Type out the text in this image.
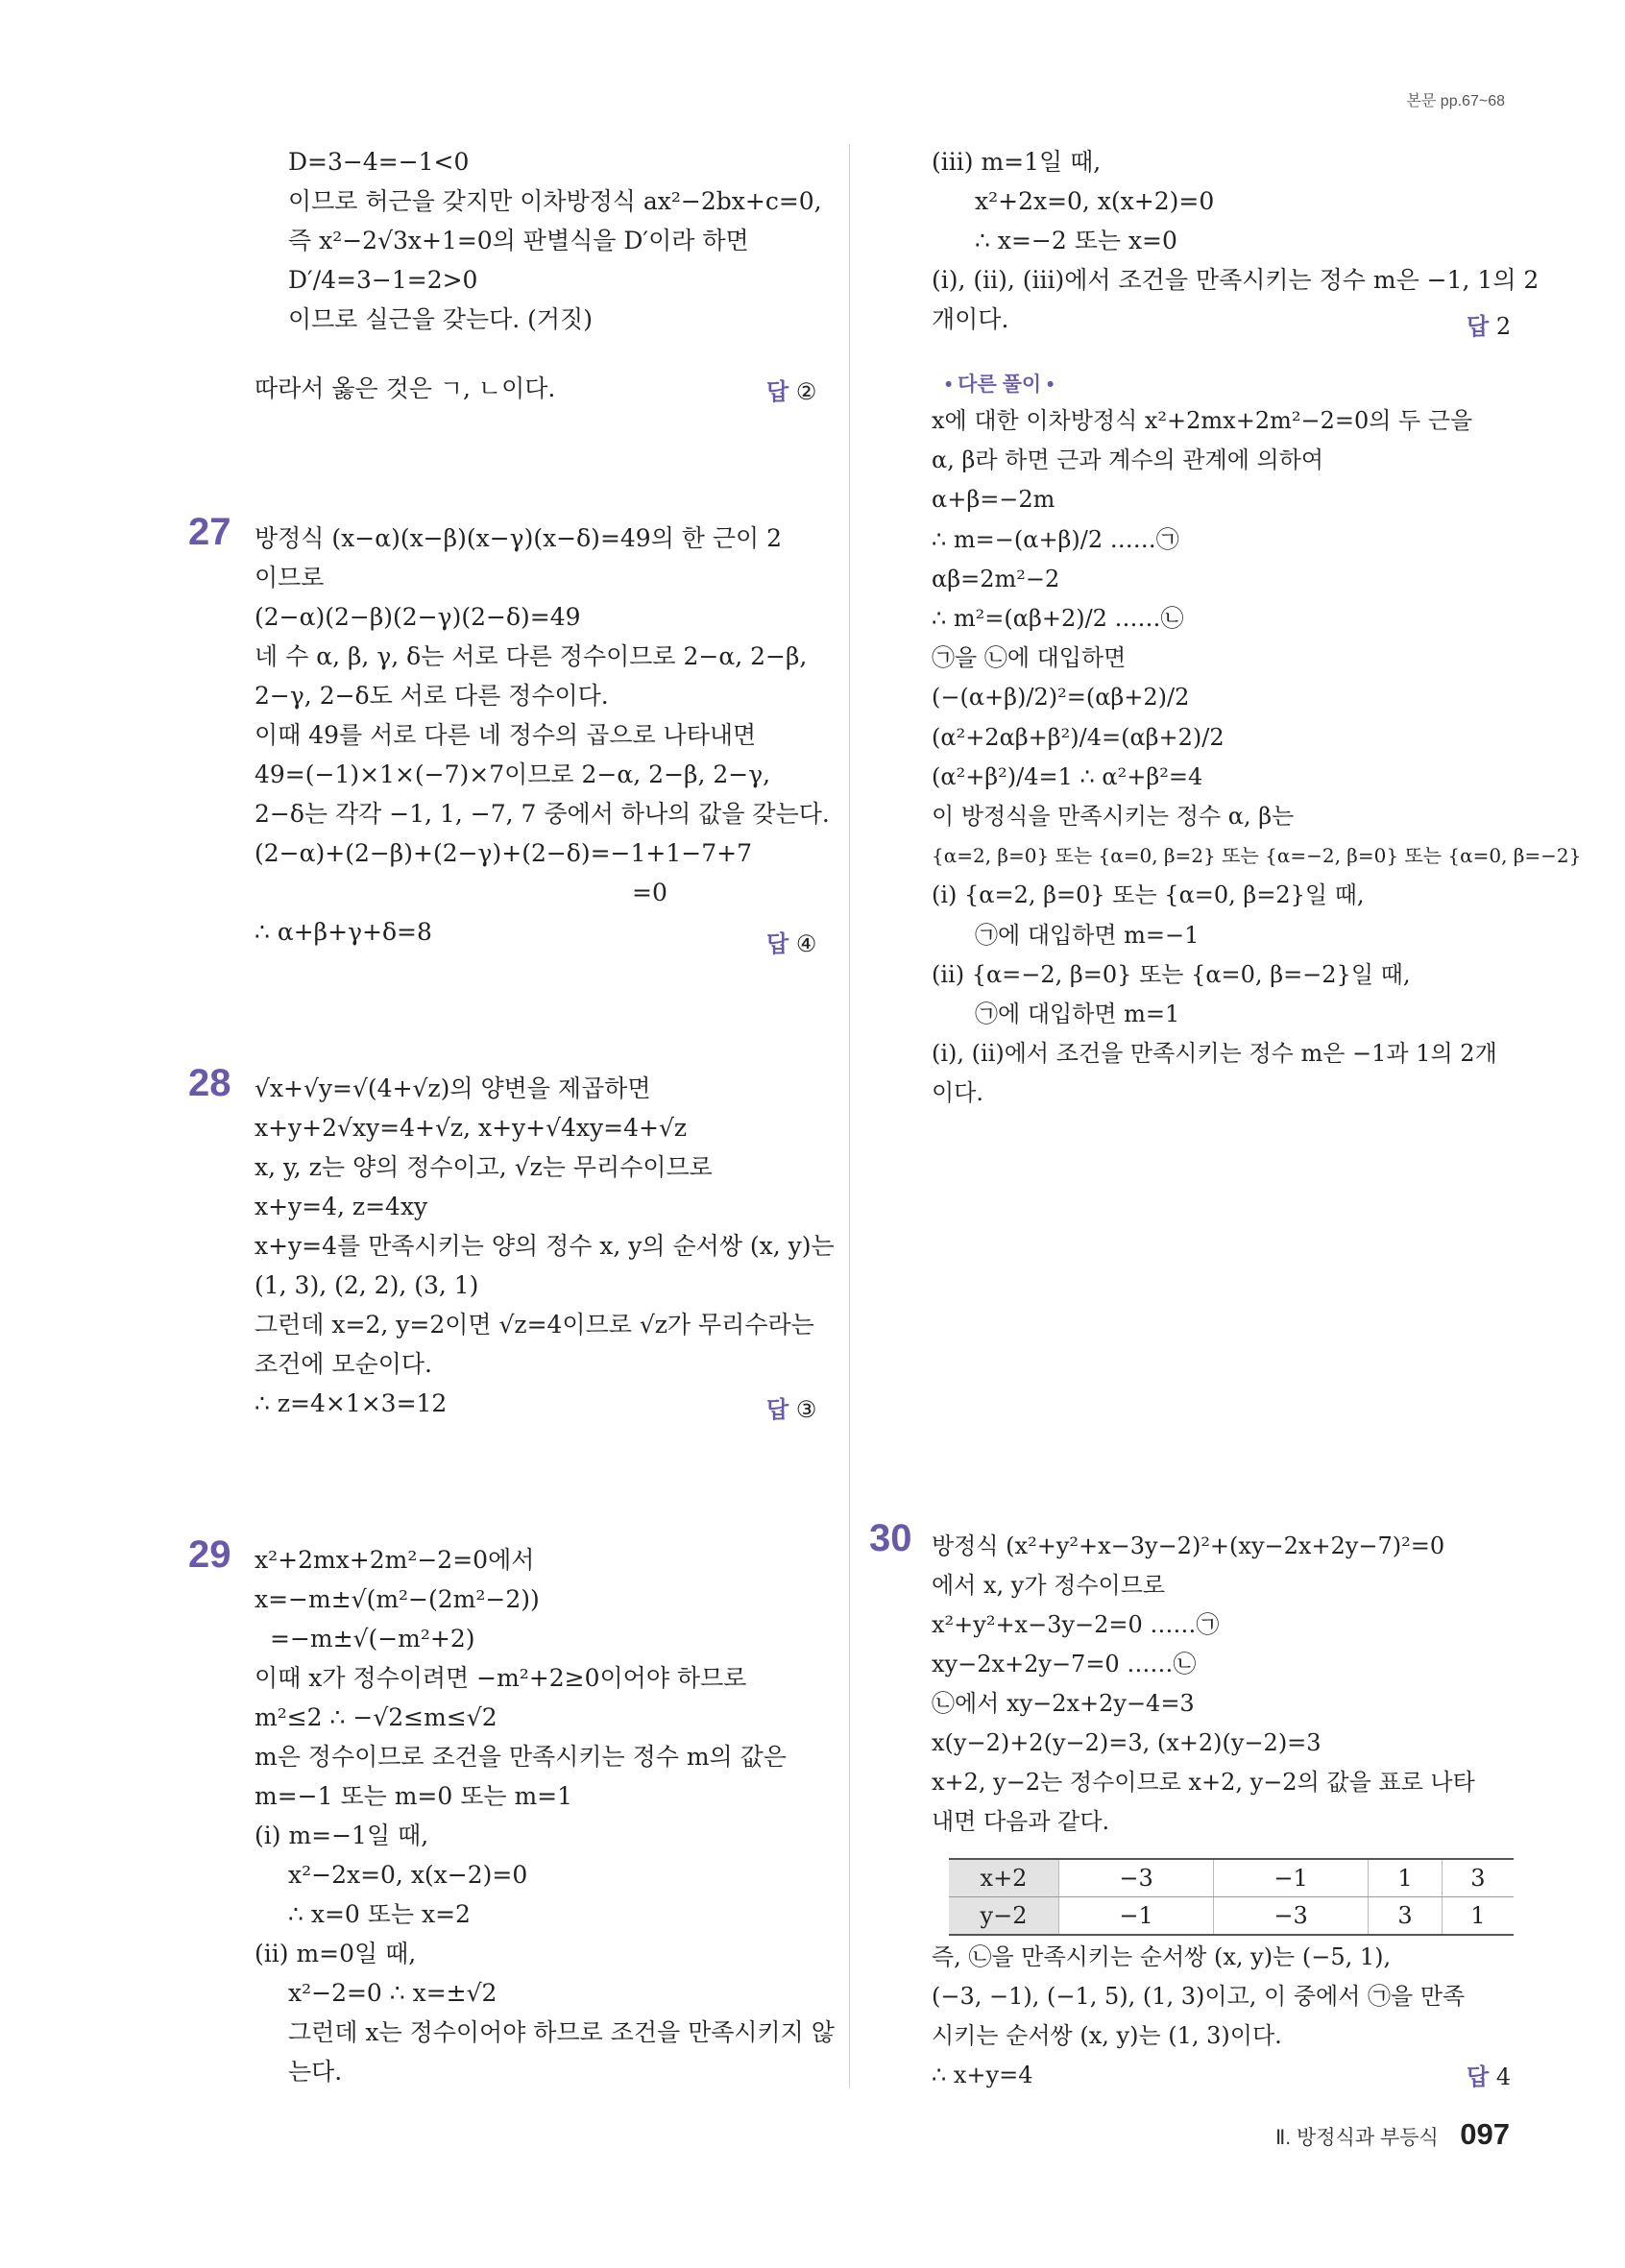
본문 pp.67~68
D=3−4=−1<0
이므로 허근을 갖지만 이차방정식 ax²−2bx+c=0,
즉 x²−2√3x+1=0의 판별식을 D′이라 하면
D′/4=3−1=2>0
이므로 실근을 갖는다. (거짓)
따라서 옳은 것은 ㄱ, ㄴ이다.	답 ②
27 방정식 (x−α)(x−β)(x−γ)(x−δ)=49의 한 근이 2
이므로
(2−α)(2−β)(2−γ)(2−δ)=49
네 수 α, β, γ, δ는 서로 다른 정수이므로 2−α, 2−β,
2−γ, 2−δ도 서로 다른 정수이다.
이때 49를 서로 다른 네 정수의 곱으로 나타내면
49=(−1)×1×(−7)×7이므로 2−α, 2−β, 2−γ,
2−δ는 각각 −1, 1, −7, 7 중에서 하나의 값을 갖는다.
(2−α)+(2−β)+(2−γ)+(2−δ)=−1+1−7+7
=0
∴ α+β+γ+δ=8	답 ④
28 √x+√y=√(4+√z)의 양변을 제곱하면
x+y+2√xy=4+√z, x+y+√4xy=4+√z
x, y, z는 양의 정수이고, √z는 무리수이므로
x+y=4, z=4xy
x+y=4를 만족시키는 양의 정수 x, y의 순서쌍 (x, y)는
(1, 3), (2, 2), (3, 1)
그런데 x=2, y=2이면 √z=4이므로 √z가 무리수라는
조건에 모순이다.
∴ z=4×1×3=12	답 ③
29 x²+2mx+2m²−2=0에서
x=−m±√(m²−(2m²−2))
=−m±√(−m²+2)
이때 x가 정수이려면 −m²+2≥0이어야 하므로
m²≤2 ∴ −√2≤m≤√2
m은 정수이므로 조건을 만족시키는 정수 m의 값은
m=−1 또는 m=0 또는 m=1
(ⅰ) m=−1일 때,
x²−2x=0, x(x−2)=0
∴ x=0 또는 x=2
(ⅱ) m=0일 때,
x²−2=0 ∴ x=±√2
그런데 x는 정수이어야 하므로 조건을 만족시키지 않
는다.
(ⅲ) m=1일 때,
x²+2x=0, x(x+2)=0
∴ x=−2 또는 x=0
(ⅰ), (ⅱ), (ⅲ)에서 조건을 만족시키는 정수 m은 −1, 1의 2
개이다.	답 2
• 다른 풀이 •
x에 대한 이차방정식 x²+2mx+2m²−2=0의 두 근을
α, β라 하면 근과 계수의 관계에 의하여
α+β=−2m
∴ m=−(α+β)/2 ……㉠
αβ=2m²−2
∴ m²=(αβ+2)/2 ……㉡
㉠을 ㉡에 대입하면
(−(α+β)/2)²=(αβ+2)/2
(α²+2αβ+β²)/4=(αβ+2)/2
(α²+β²)/4=1 ∴ α²+β²=4
이 방정식을 만족시키는 정수 α, β는
{α=2, β=0} 또는 {α=0, β=2} 또는 {α=−2, β=0} 또는 {α=0, β=−2}
(ⅰ) {α=2, β=0} 또는 {α=0, β=2}일 때,
㉠에 대입하면 m=−1
(ⅱ) {α=−2, β=0} 또는 {α=0, β=−2}일 때,
㉠에 대입하면 m=1
(ⅰ), (ⅱ)에서 조건을 만족시키는 정수 m은 −1과 1의 2개
이다.
30 방정식 (x²+y²+x−3y−2)²+(xy−2x+2y−7)²=0
에서 x, y가 정수이므로
x²+y²+x−3y−2=0 ……㉠
xy−2x+2y−7=0 ……㉡
㉡에서 xy−2x+2y−4=3
x(y−2)+2(y−2)=3, (x+2)(y−2)=3
x+2, y−2는 정수이므로 x+2, y−2의 값을 표로 나타
내면 다음과 같다.
x+2	−3	−1	1	3
y−2	−1	−3	3	1
즉, ㉡을 만족시키는 순서쌍 (x, y)는 (−5, 1),
(−3, −1), (−1, 5), (1, 3)이고, 이 중에서 ㉠을 만족
시키는 순서쌍 (x, y)는 (1, 3)이다.
∴ x+y=4	답 4
Ⅱ. 방정식과 부등식 097
